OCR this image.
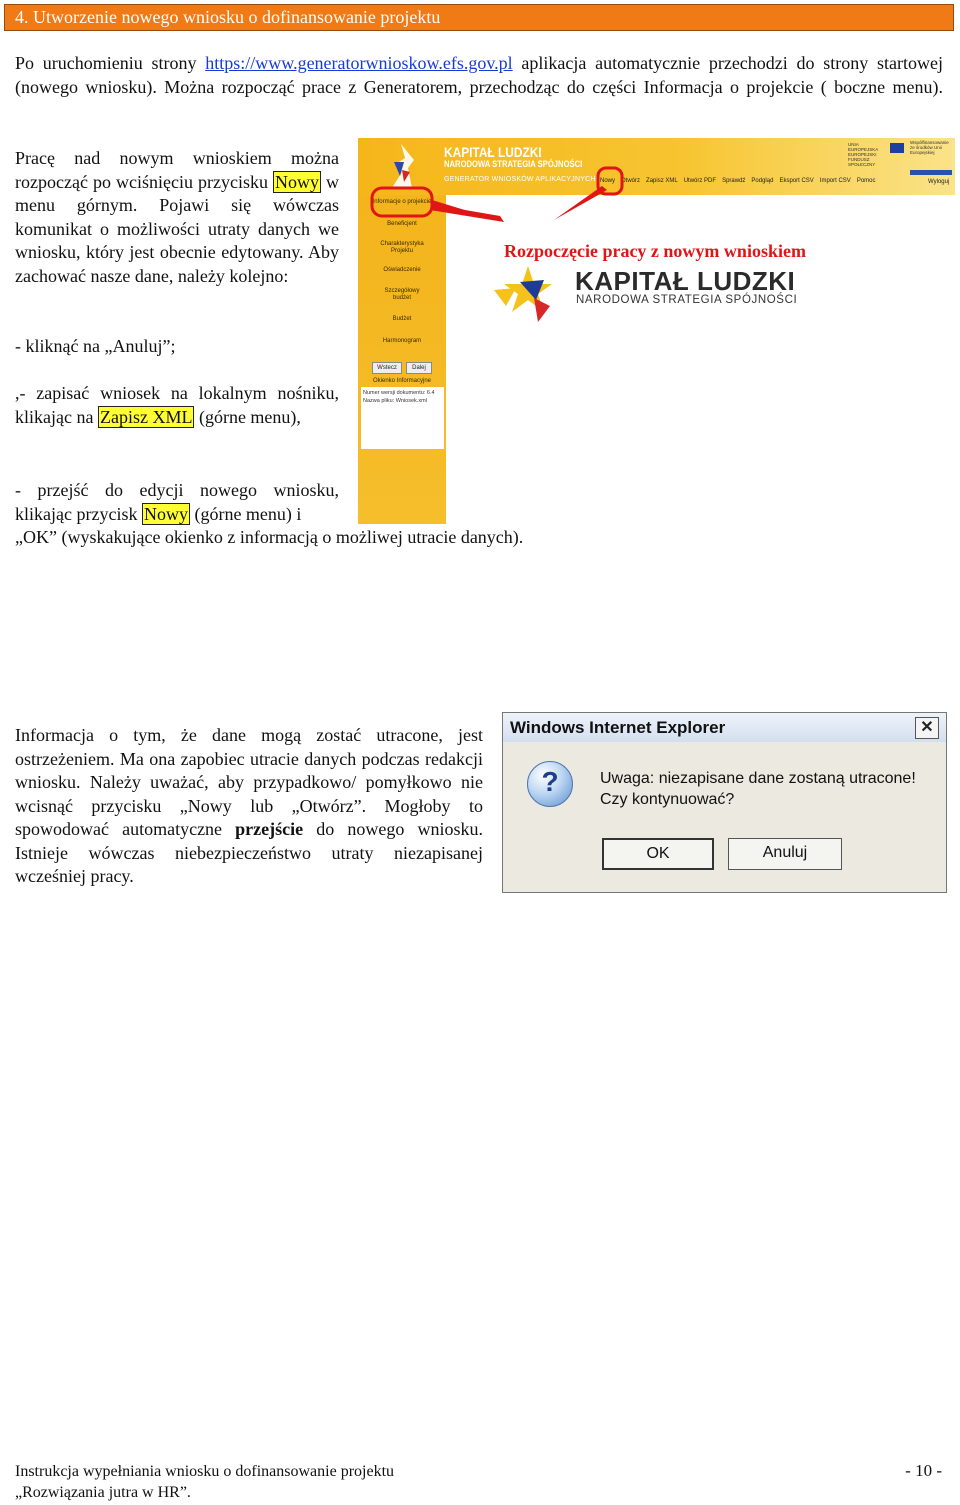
4. Utworzenie nowego wniosku o dofinansowanie projektu
Po uruchomieniu strony https://www.generatorwnioskow.efs.gov.pl aplikacja automatycznie przechodzi do strony startowej (nowego wniosku). Można rozpocząć prace z Generatorem, przechodząc do części Informacja o projekcie ( boczne menu).
Pracę nad nowym wnioskiem można rozpocząć po wciśnięciu przycisku Nowy w menu górnym. Pojawi się wówczas komunikat o możliwości utraty danych we wniosku, który jest obecnie edytowany. Aby zachować nasze dane, należy kolejno:
- kliknąć na „Anuluj”;
,- zapisać wniosek na lokalnym nośniku, klikając na Zapisz XML (górne menu),
- przejść do edycji nowego wniosku,
klikając przycisk Nowy (górne menu) i
„OK” (wyskakujące okienko z informacją o możliwej utracie danych).
KAPITAŁ LUDZKI
NARODOWA STRATEGIA SPÓJNOŚCI
GENERATOR WNIOSKÓW APLIKACYJNYCH
UNIA EUROPEJSKA
EUROPEJSKI FUNDUSZ SPOŁECZNY
Współfinansowanie ze środków Unii Europejskiej
Nowy Otwórz Zapisz XML Utwórz PDF Sprawdź Podgląd Eksport CSV Import CSV Pomoc	Wyloguj
Informacje o projekcie
Beneficjent
Charakterystyka Projektu
Oświadczenie
Szczegółowy budżet
Budżet
Harmonogram
Wstecz	Dalej
Okienko Informacyjne
Numer wersji dokumentu: 6.4
Nazwa pliku: Wniosek.xml
Rozpoczęcie pracy z nowym wnioskiem
KAPITAŁ LUDZKI
NARODOWA STRATEGIA SPÓJNOŚCI
Informacja o tym, że dane mogą zostać utracone, jest ostrzeżeniem. Ma ona zapobiec utracie danych podczas redakcji wniosku. Należy uważać, aby przypadkowo/ pomyłkowo nie wcisnąć przycisku „Nowy lub „Otwórz”. Mogłoby to spowodować automatyczne przejście do nowego wniosku. Istnieje wówczas niebezpieczeństwo utraty niezapisanej wcześniej pracy.
Windows Internet Explorer	✕
?	Uwaga: niezapisane dane zostaną utracone!
Czy kontynuować?
OK	Anuluj
Instrukcja wypełniania wniosku o dofinansowanie projektu
„Rozwiązania jutra w HR”.
- 10 -
